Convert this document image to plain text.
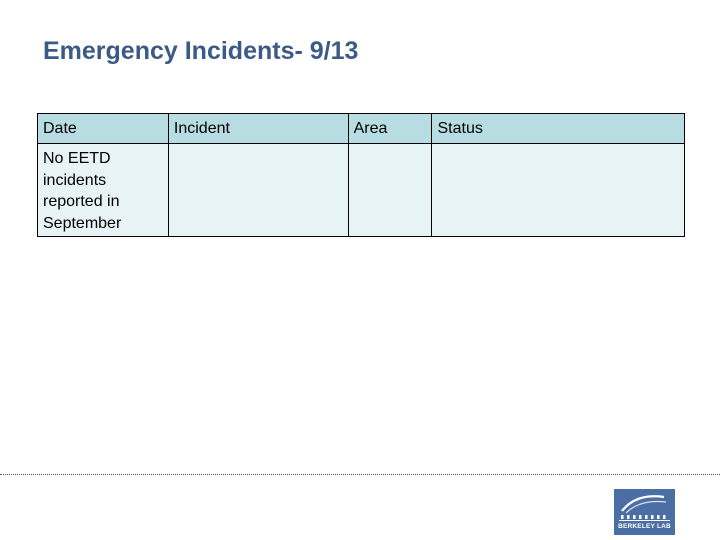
Emergency Incidents- 9/13
Date	Incident	Area	Status
No EETD incidents reported in September			
BERKELEY LAB
